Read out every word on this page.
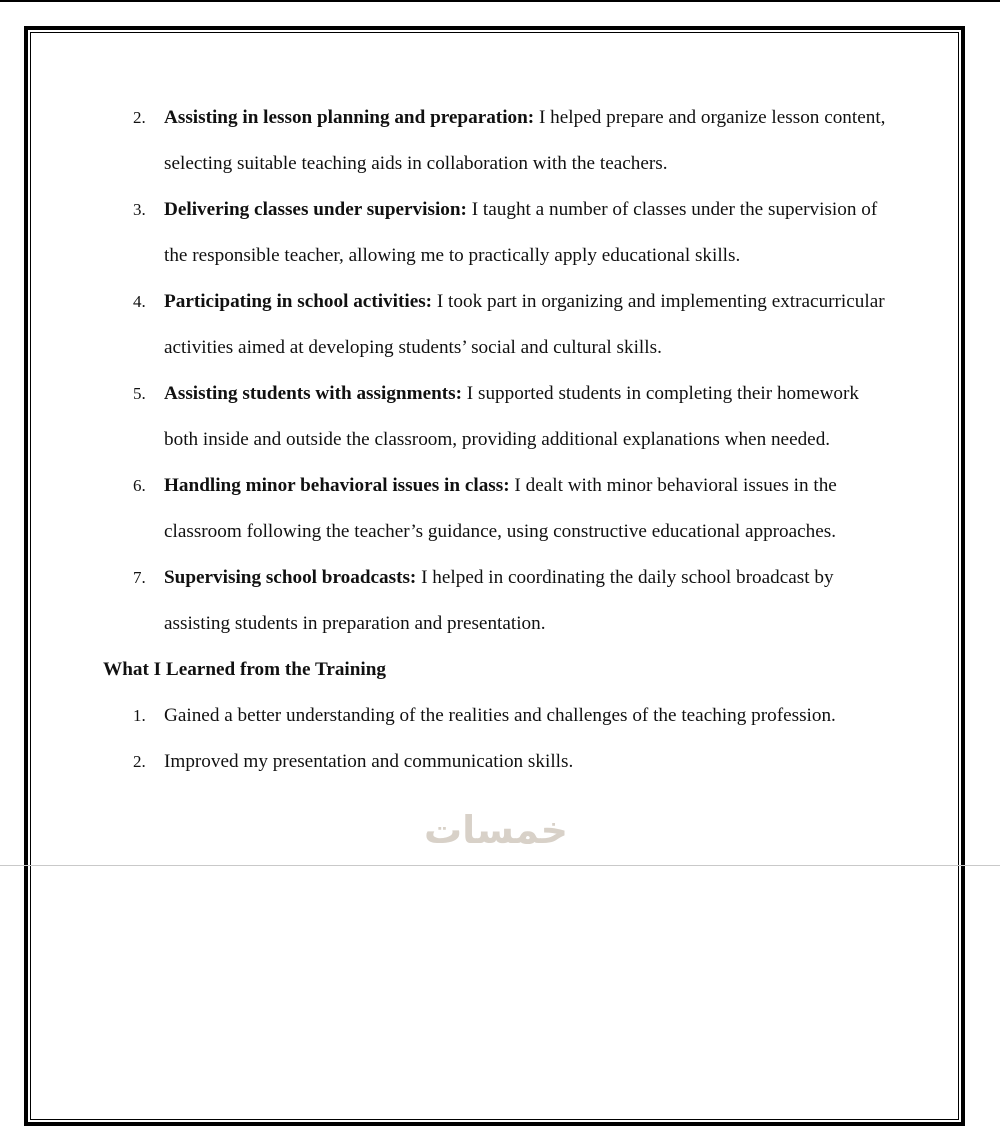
خمسات
2. Assisting in lesson planning and preparation: I helped prepare and organize lesson content, selecting suitable teaching aids in collaboration with the teachers.
3. Delivering classes under supervision: I taught a number of classes under the supervision of the responsible teacher, allowing me to practically apply educational skills.
4. Participating in school activities: I took part in organizing and implementing extracurricular activities aimed at developing students’ social and cultural skills.
5. Assisting students with assignments: I supported students in completing their homework both inside and outside the classroom, providing additional explanations when needed.
6. Handling minor behavioral issues in class: I dealt with minor behavioral issues in the classroom following the teacher’s guidance, using constructive educational approaches.
7. Supervising school broadcasts: I helped in coordinating the daily school broadcast by assisting students in preparation and presentation.
What I Learned from the Training
1. Gained a better understanding of the realities and challenges of the teaching profession.
2. Improved my presentation and communication skills.
